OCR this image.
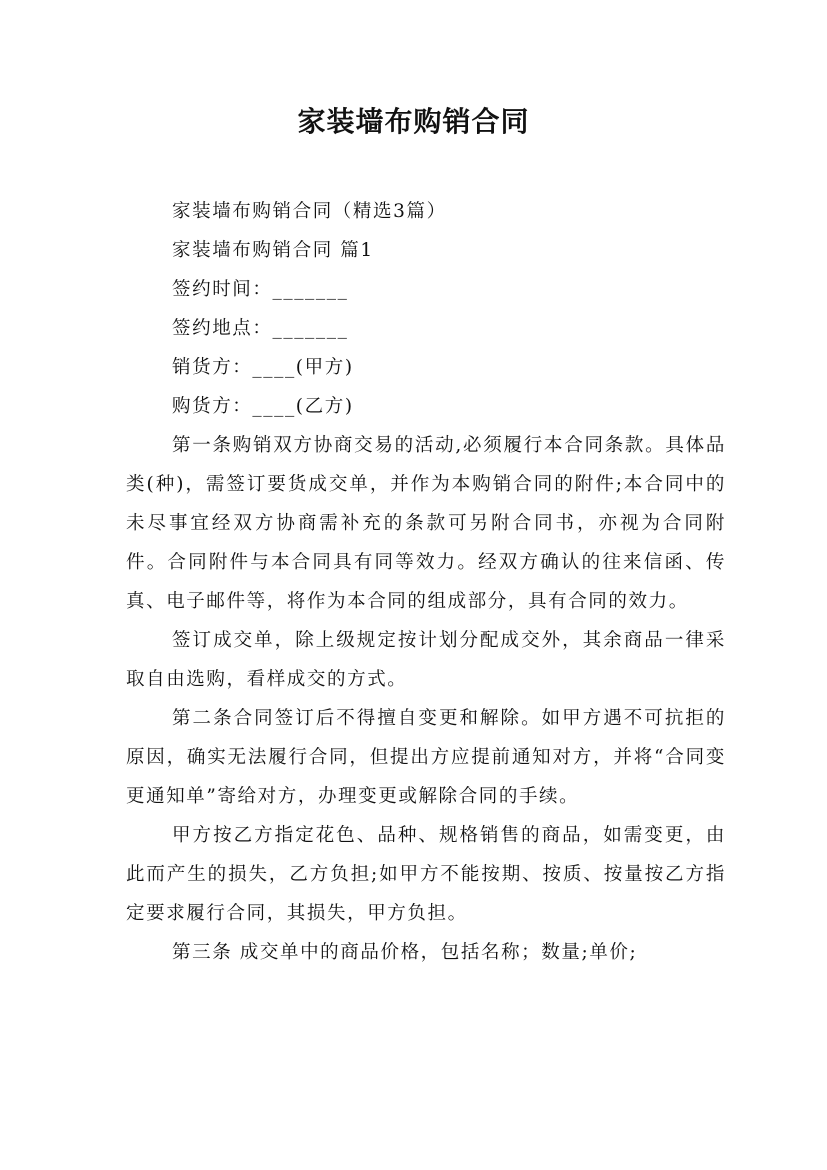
家装墙布购销合同
家装墙布购销合同（精选3篇）
家装墙布购销合同 篇1
签约时间：_______
签约地点：_______
销货方：____(甲方)
购货方：____(乙方)

第一条购销双方协商交易的活动,必须履行本合同条款。具体品类(种)，需签订要货成交单，并作为本购销合同的附件;本合同中的未尽事宜经双方协商需补充的条款可另附合同书，亦视为合同附件。合同附件与本合同具有同等效力。经双方确认的往来信函、传真、电子邮件等，将作为本合同的组成部分，具有合同的效力。

签订成交单，除上级规定按计划分配成交外，其余商品一律采取自由选购，看样成交的方式。

第二条合同签订后不得擅自变更和解除。如甲方遇不可抗拒的原因，确实无法履行合同，但提出方应提前通知对方，并将“合同变更通知单”寄给对方，办理变更或解除合同的手续。

甲方按乙方指定花色、品种、规格销售的商品，如需变更，由此而产生的损失，乙方负担;如甲方不能按期、按质、按量按乙方指定要求履行合同，其损失，甲方负担。

第三条 成交单中的商品价格，包括名称；数量;单价;
